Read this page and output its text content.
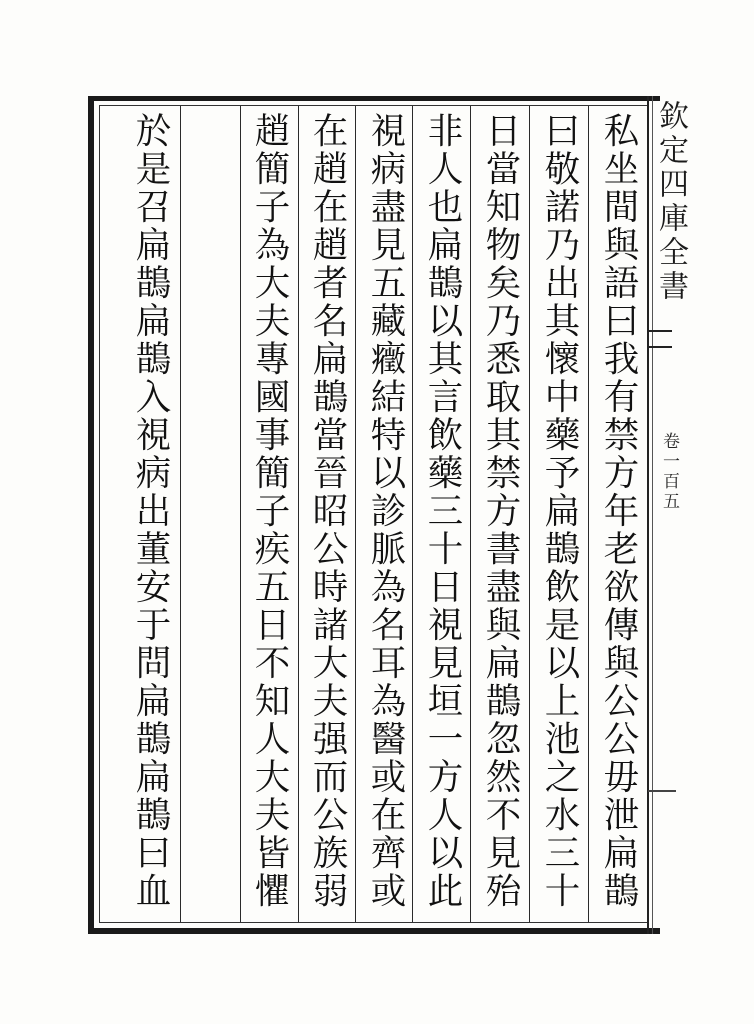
欽定四庫全書
卷一百五
私坐間與語曰我有禁方年老欲傳與公公毋泄扁鵲
曰敬諾乃出其懷中藥予扁鵲飲是以上池之水三十
日當知物矣乃悉取其禁方書盡與扁鵲忽然不見殆
非人也扁鵲以其言飲藥三十日視見垣一方人以此
視病盡見五藏癥結特以診脈為名耳為醫或在齊或
在趙在趙者名扁鵲當晉昭公時諸大夫强而公族弱
趙簡子為大夫專國事簡子疾五日不知人大夫皆懼
於是召扁鵲扁鵲入視病出董安于問扁鵲扁鵲曰血
